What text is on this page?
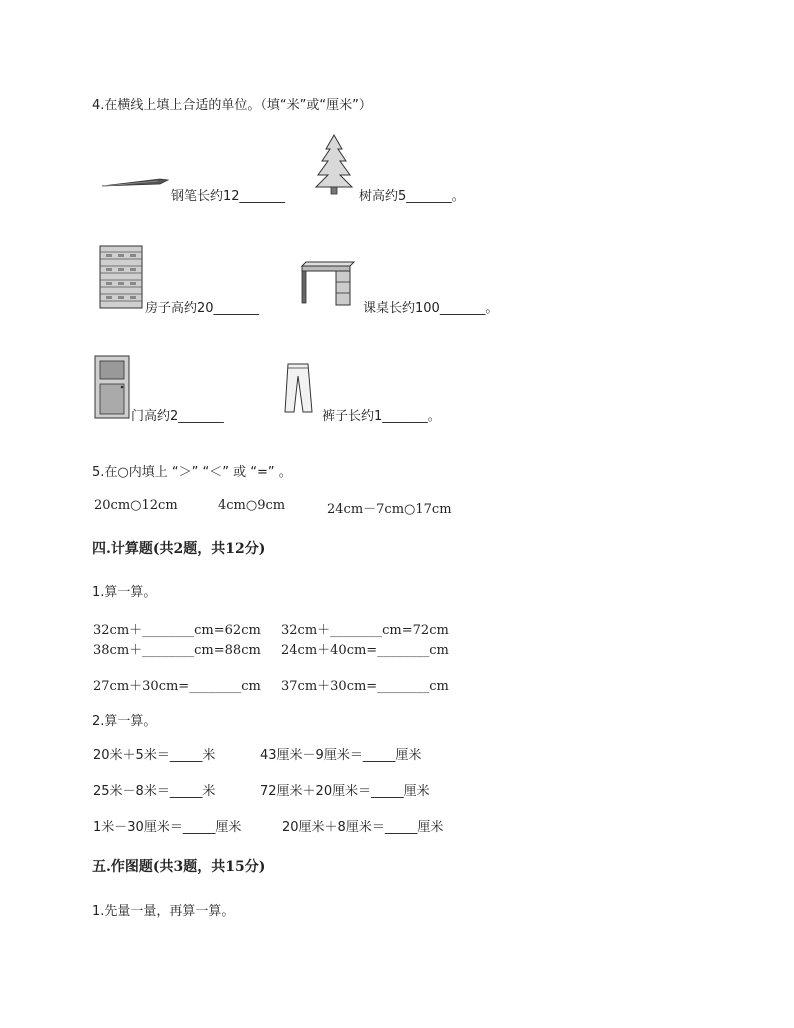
4.在横线上填上合适的单位。（填“米”或“厘米”）
钢笔长约12_______	树高约5_______。
房子高约20_______	课桌长约100_______。
门高约2_______	裤子长约1_______。
5.在○内填上 “＞” “＜” 或 “=” 。
20cm○12cm	4cm○9cm	24cm－7cm○17cm
四.计算题(共2题，共12分)
1.算一算。
32cm＋________cm=62cm 32cm＋________cm=72cm
38cm＋________cm=88cm 24cm＋40cm=________cm
27cm＋30cm=________cm 37cm＋30cm=________cm
2.算一算。
20米＋5米＝_____米	43厘米－9厘米＝_____厘米
25米－8米＝_____米	72厘米＋20厘米＝_____厘米
1米－30厘米＝_____厘米	20厘米＋8厘米＝_____厘米
五.作图题(共3题，共15分)
1.先量一量，再算一算。
